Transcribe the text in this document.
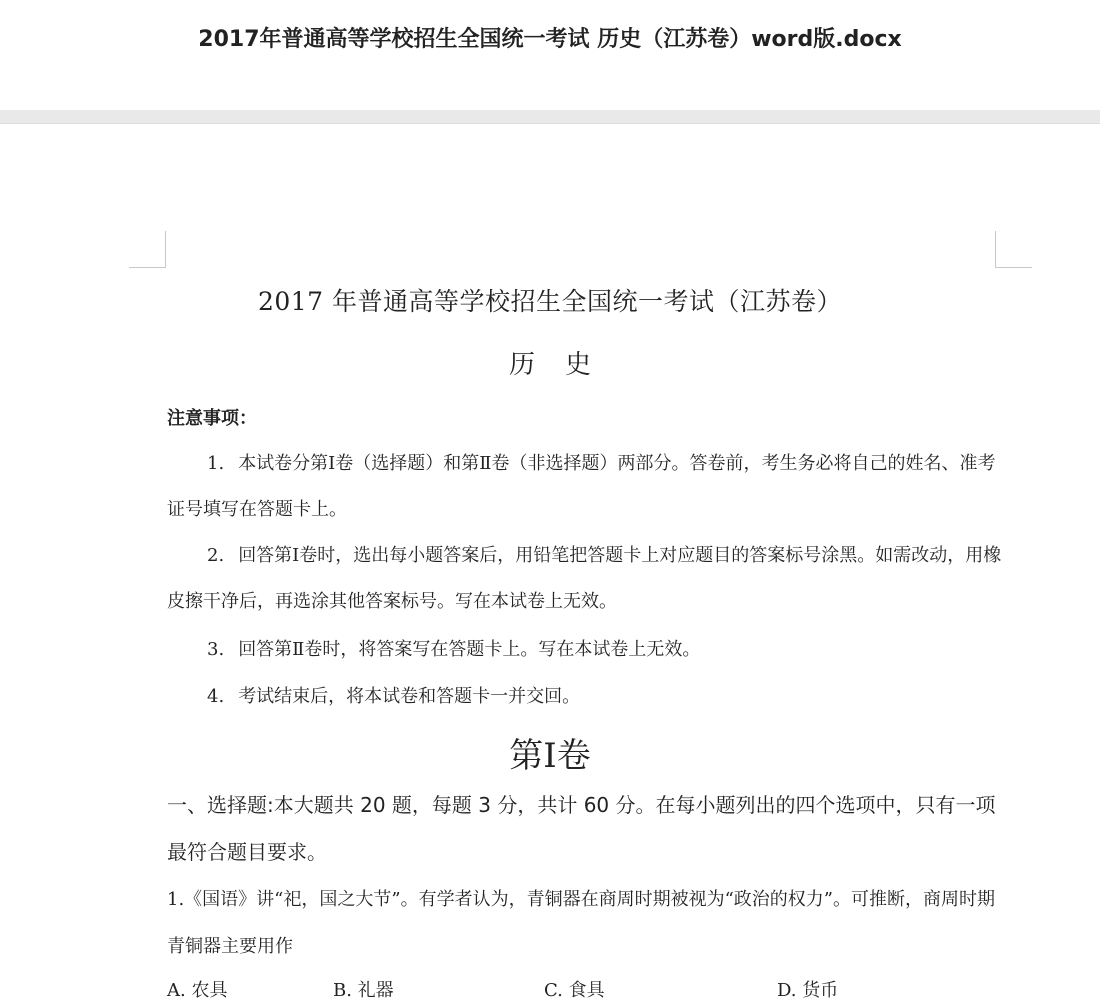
2017年普通高等学校招生全国统一考试 历史（江苏卷）word版.docx
2017 年普通高等学校招生全国统一考试（江苏卷）
历史
注意事项：
1. 本试卷分第Ⅰ卷（选择题）和第Ⅱ卷（非选择题）两部分。答卷前，考生务必将自己的姓名、准考证号填写在答题卡上。
2. 回答第Ⅰ卷时，选出每小题答案后，用铅笔把答题卡上对应题目的答案标号涂黑。如需改动，用橡皮擦干净后，再选涂其他答案标号。写在本试卷上无效。
3. 回答第Ⅱ卷时，将答案写在答题卡上。写在本试卷上无效。
4. 考试结束后，将本试卷和答题卡一并交回。
第Ⅰ卷
一、选择题:本大题共 20 题，每题 3 分，共计 60 分。在每小题列出的四个选项中，只有一项最符合题目要求。
1.《国语》讲“祀，国之大节”。有学者认为，青铜器在商周时期被视为“政治的权力”。可推断，商周时期青铜器主要用作
A. 农具	B. 礼器	C. 食具	D. 货币
